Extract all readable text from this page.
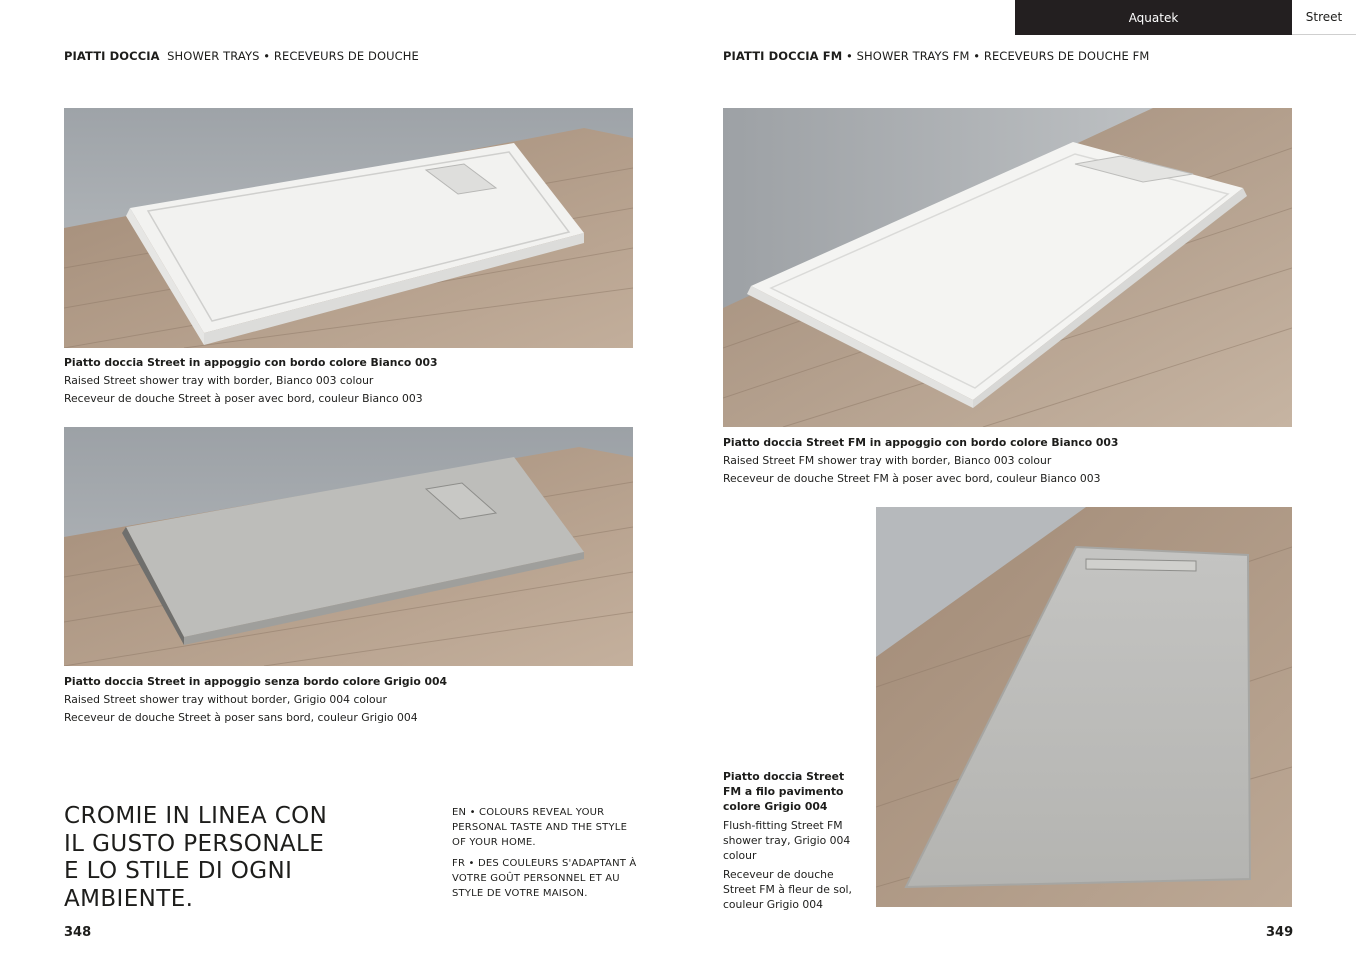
Aquatek	Street
PIATTI DOCCIA SHOWER TRAYS • RECEVEURS DE DOUCHE	PIATTI DOCCIA FM • SHOWER TRAYS FM • RECEVEURS DE DOUCHE FM
Piatto doccia Street in appoggio con bordo colore Bianco 003
Raised Street shower tray with border, Bianco 003 colour
Receveur de douche Street à poser avec bord, couleur Bianco 003
Piatto doccia Street in appoggio senza bordo colore Grigio 004
Raised Street shower tray without border, Grigio 004 colour
Receveur de douche Street à poser sans bord, couleur Grigio 004
CROMIE IN LINEA CON
IL GUSTO PERSONALE
E LO STILE DI OGNI
AMBIENTE.
EN • COLOURS REVEAL YOUR PERSONAL TASTE AND THE STYLE OF YOUR HOME.
FR • DES COULEURS S'ADAPTANT À VOTRE GOÛT PERSONNEL ET AU STYLE DE VOTRE MAISON.
Piatto doccia Street FM in appoggio con bordo colore Bianco 003
Raised Street FM shower tray with border, Bianco 003 colour
Receveur de douche Street FM à poser avec bord, couleur Bianco 003
Piatto doccia Street FM a filo pavimento colore Grigio 004
Flush-fitting Street FM shower tray, Grigio 004 colour
Receveur de douche Street FM à fleur de sol, couleur Grigio 004
348	349
